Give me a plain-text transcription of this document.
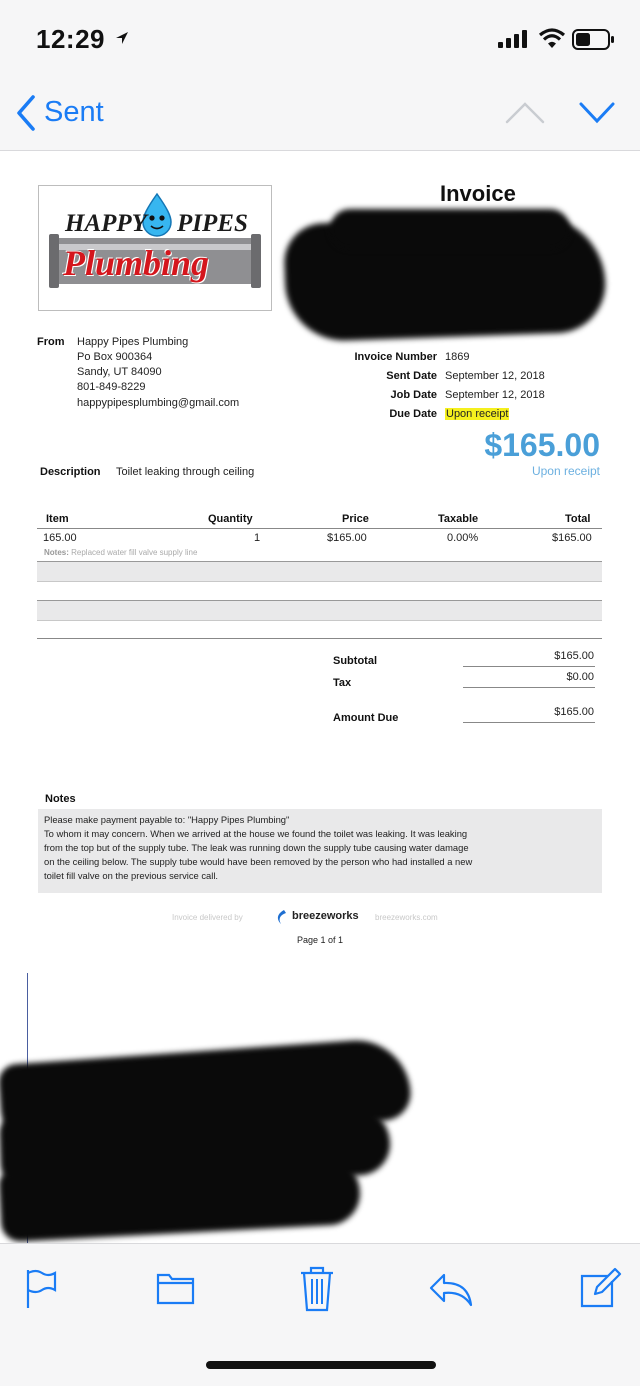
12:29
Sent
HAPPY PIPES
Plumbing
Invoice
From Happy Pipes Plumbing
Po Box 900364
Sandy, UT 84090
801-849-8229
happypipesplumbing@gmail.com
Invoice Number 1869
Sent Date September 12, 2018
Job Date September 12, 2018
Due Date Upon receipt
$165.00
Upon receipt
Description Toilet leaking through ceiling
Item	Quantity	Price	Taxable	Total
165.00	1	$165.00	0.00%	$165.00
Notes: Replaced water fill valve supply line
Subtotal	$165.00
Tax	$0.00
Amount Due	$165.00
Notes
Please make payment payable to: "Happy Pipes Plumbing"
To whom it may concern. When we arrived at the house we found the toilet was leaking. It was leaking
from the top but of the supply tube. The leak was running down the supply tube causing water damage
on the ceiling below. The supply tube would have been removed by the person who had installed a new
toilet fill valve on the previous service call.
Invoice delivered by	breezeworks breezeworks.com
Page 1 of 1
